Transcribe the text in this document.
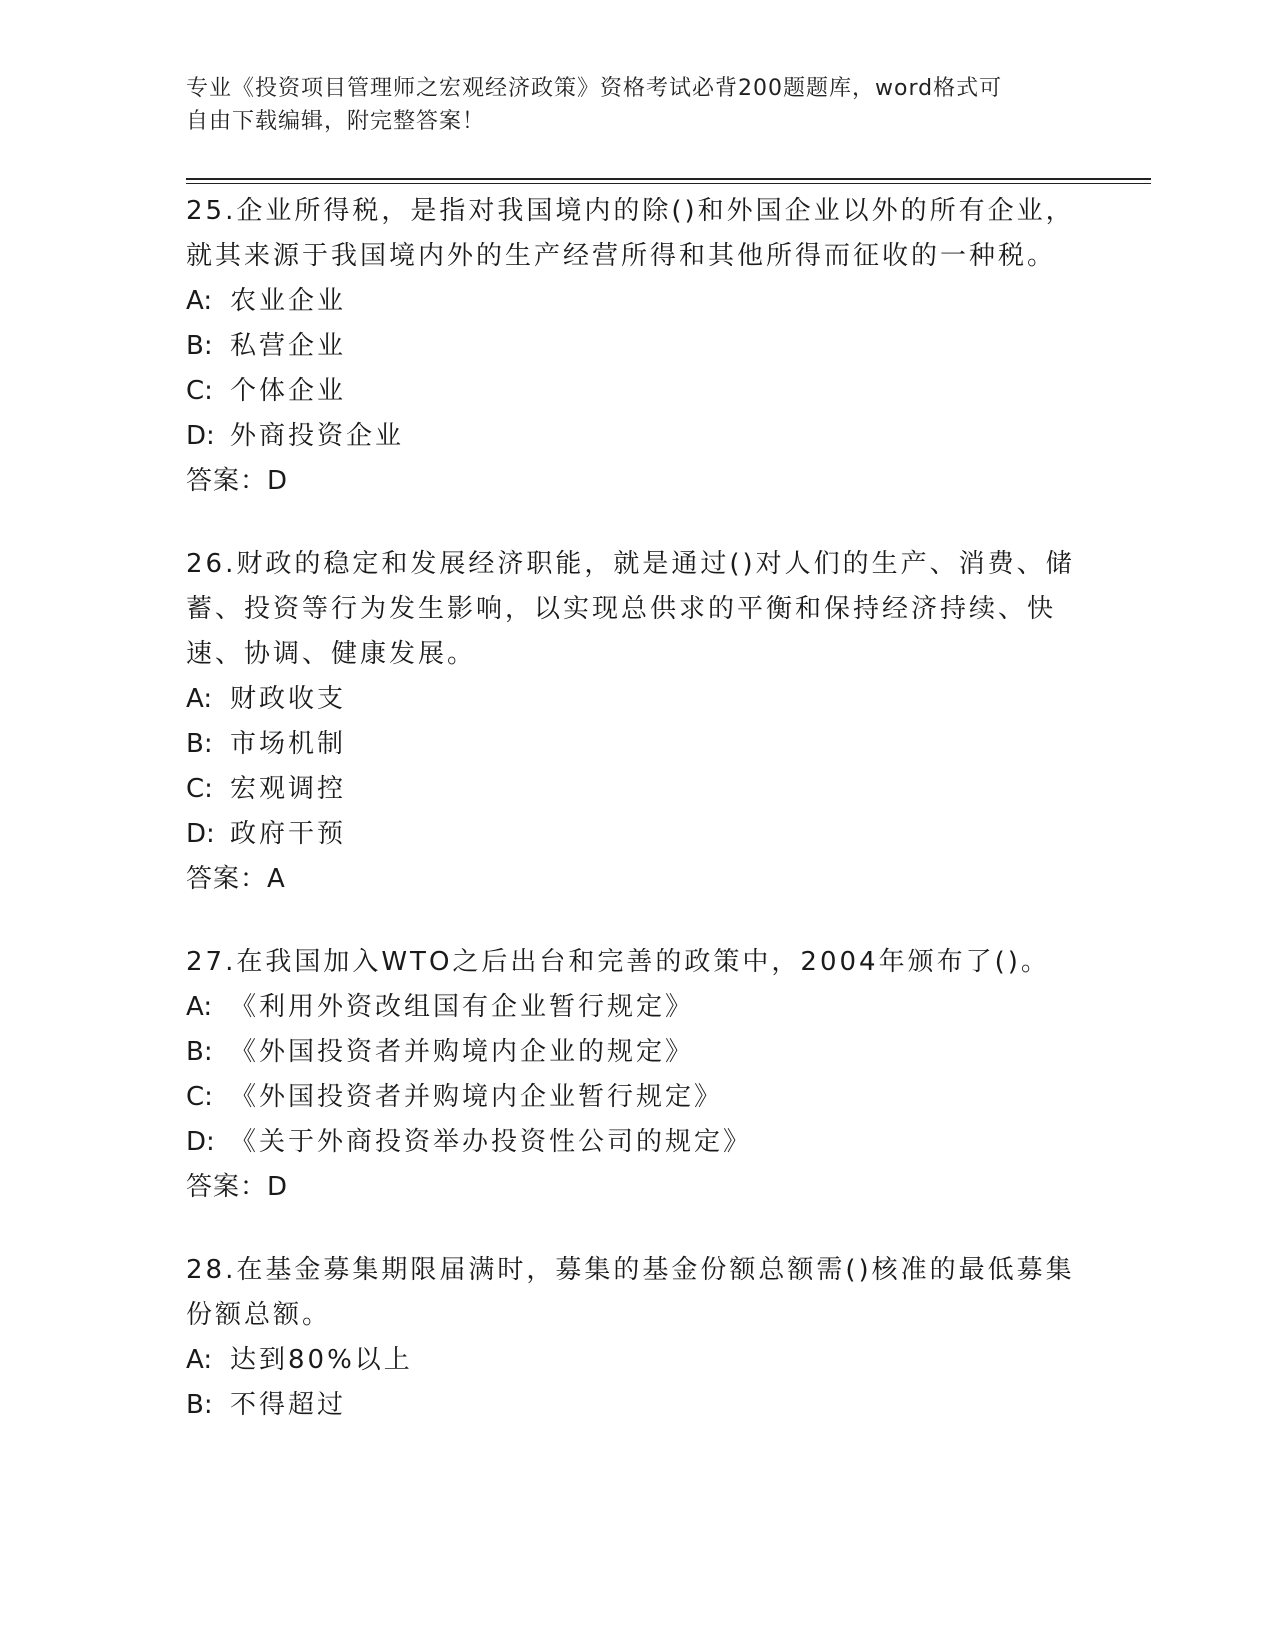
专业《投资项目管理师之宏观经济政策》资格考试必背200题题库，word格式可
自由下载编辑，附完整答案！

25.企业所得税，是指对我国境内的除()和外国企业以外的所有企业，

就其来源于我国境内外的生产经营所得和其他所得而征收的一种税。

A: 农业企业

B: 私营企业

C: 个体企业

D: 外商投资企业

答案：D

26.财政的稳定和发展经济职能，就是通过()对人们的生产、消费、储

蓄、投资等行为发生影响，以实现总供求的平衡和保持经济持续、快

速、协调、健康发展。

A: 财政收支

B: 市场机制

C: 宏观调控

D: 政府干预

答案：A

27.在我国加入WTO之后出台和完善的政策中，2004年颁布了()。

A: 《利用外资改组国有企业暂行规定》

B: 《外国投资者并购境内企业的规定》

C: 《外国投资者并购境内企业暂行规定》

D: 《关于外商投资举办投资性公司的规定》

答案：D

28.在基金募集期限届满时，募集的基金份额总额需()核准的最低募集

份额总额。

A: 达到80%以上

B: 不得超过
